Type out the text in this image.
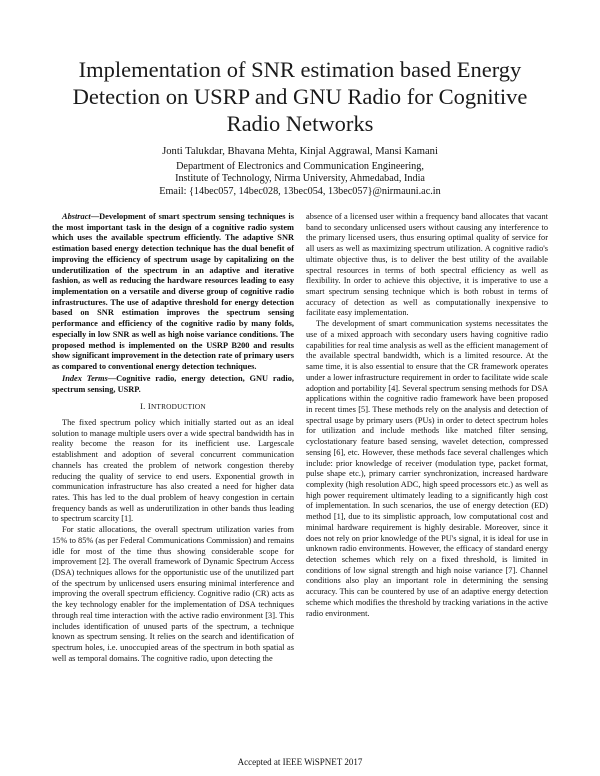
Implementation of SNR estimation based Energy
Detection on USRP and GNU Radio for Cognitive
Radio Networks
Jonti Talukdar, Bhavana Mehta, Kinjal Aggrawal, Mansi Kamani
Department of Electronics and Communication Engineering,
Institute of Technology, Nirma University, Ahmedabad, India
Email: {14bec057, 14bec028, 13bec054, 13bec057}@nirmauni.ac.in

Abstract—Development of smart spectrum sensing techniques is the most important task in the design of a cognitive radio system which uses the available spectrum efficiently. The adaptive SNR estimation based energy detection technique has the dual benefit of improving the efficiency of spectrum usage by capitalizing on the underutilization of the spectrum in an adaptive and iterative fashion, as well as reducing the hardware resources leading to easy implementation on a versatile and diverse group of cognitive radio infrastructures. The use of adaptive threshold for energy detection based on SNR estimation improves the spectrum sensing performance and efficiency of the cognitive radio by many folds, especially in low SNR as well as high noise variance conditions. The proposed method is implemented on the USRP B200 and results show significant improvement in the detection rate of primary users as compared to conventional energy detection techniques.

Index Terms—Cognitive radio, energy detection, GNU radio, spectrum sensing, USRP.

I. INTRODUCTION

The fixed spectrum policy which initially started out as an ideal solution to manage multiple users over a wide spectral bandwidth has in reality become the reason for its inefficient use. Largescale establishment and adoption of several concurrent communication channels has created the problem of network congestion thereby reducing the quality of service to end users. Exponential growth in communication infrastructure has also created a need for higher data rates. This has led to the dual problem of heavy congestion in certain frequency bands as well as underutilization in other bands thus leading to spectrum scarcity [1].

For static allocations, the overall spectrum utilization varies from 15% to 85% (as per Federal Communications Commission) and remains idle for most of the time thus showing considerable scope for improvement [2]. The overall framework of Dynamic Spectrum Access (DSA) techniques allows for the opportunistic use of the unutilized part of the spectrum by unlicensed users ensuring minimal interference and improving the overall spectrum efficiency. Cognitive radio (CR) acts as the key technology enabler for the implementation of DSA techniques through real time interaction with the active radio environment [3]. This includes identification of unused parts of the spectrum, a technique known as spectrum sensing. It relies on the search and identification of spectrum holes, i.e. unoccupied areas of the spectrum in both spatial as well as temporal domains. The cognitive radio, upon detecting the

absence of a licensed user within a frequency band allocates that vacant band to secondary unlicensed users without causing any interference to the primary licensed users, thus ensuring optimal quality of service for all users as well as maximizing spectrum utilization. A cognitive radio's ultimate objective thus, is to deliver the best utility of the available spectral resources in terms of both spectral efficiency as well as flexibility. In order to achieve this objective, it is imperative to use a smart spectrum sensing technique which is both robust in terms of accuracy of detection as well as computationally inexpensive to facilitate easy implementation.

The development of smart communication systems necessitates the use of a mixed approach with secondary users having cognitive radio capabilities for real time analysis as well as the efficient management of the available spectral bandwidth, which is a limited resource. At the same time, it is also essential to ensure that the CR framework operates under a lower infrastructure requirement in order to facilitate wide scale adoption and portability [4]. Several spectrum sensing methods for DSA applications within the cognitive radio framework have been proposed in recent times [5]. These methods rely on the analysis and detection of spectral usage by primary users (PUs) in order to detect spectrum holes for utilization and include methods like matched filter sensing, cyclostationary feature based sensing, wavelet detection, compressed sensing [6], etc. However, these methods face several challenges which include: prior knowledge of receiver (modulation type, packet format, pulse shape etc.), primary carrier synchronization, increased hardware complexity (high resolution ADC, high speed processors etc.) as well as high power requirement ultimately leading to a significantly high cost of implementation. In such scenarios, the use of energy detection (ED) method [1], due to its simplistic approach, low computational cost and minimal hardware requirement is highly desirable. Moreover, since it does not rely on prior knowledge of the PU's signal, it is ideal for use in unknown radio environments. However, the efficacy of standard energy detection schemes which rely on a fixed threshold, is limited in conditions of low signal strength and high noise variance [7]. Channel conditions also play an important role in determining the sensing accuracy. This can be countered by use of an adaptive energy detection scheme which modifies the threshold by tracking variations in the active radio environment.

Accepted at IEEE WiSPNET 2017
